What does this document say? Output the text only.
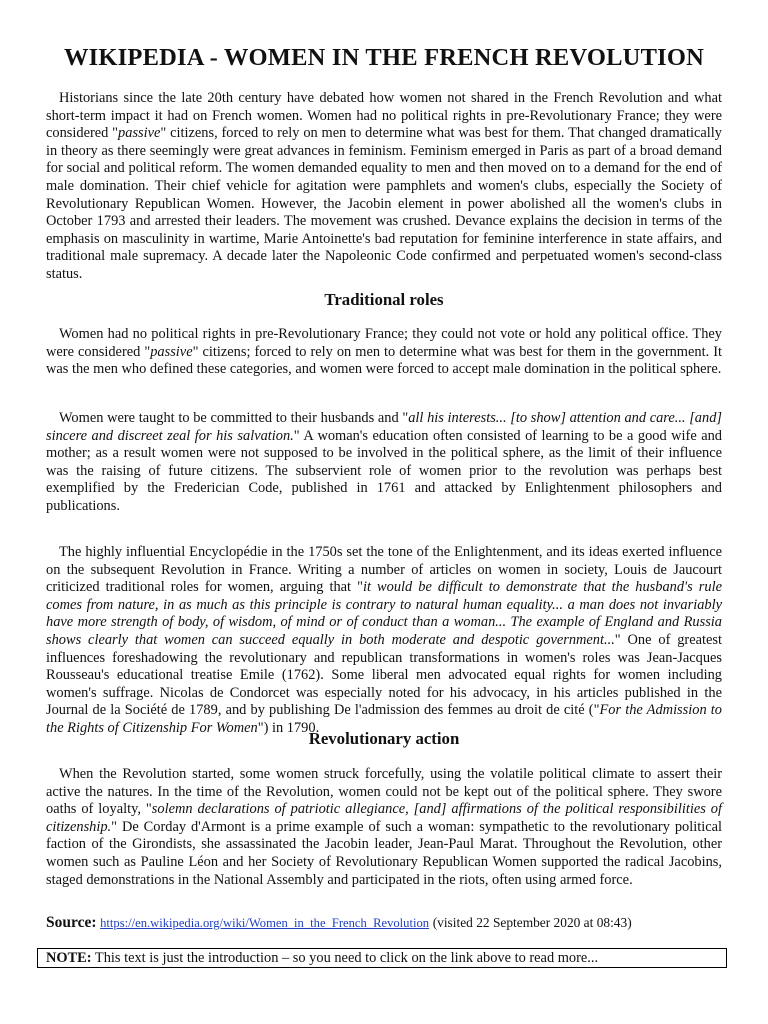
WIKIPEDIA - WOMEN IN THE FRENCH REVOLUTION

Historians since the late 20th century have debated how women not shared in the French Revolution and what short-term impact it had on French women. Women had no political rights in pre-Revolutionary France; they were considered "passive" citizens, forced to rely on men to determine what was best for them. That changed dramatically in theory as there seemingly were great advances in feminism. Feminism emerged in Paris as part of a broad demand for social and political reform. The women demanded equality to men and then moved on to a demand for the end of male domination. Their chief vehicle for agitation were pamphlets and women's clubs, especially the Society of Revolutionary Republican Women. However, the Jacobin element in power abolished all the women's clubs in October 1793 and arrested their leaders. The movement was crushed. Devance explains the decision in terms of the emphasis on masculinity in wartime, Marie Antoinette's bad reputation for feminine interference in state affairs, and traditional male supremacy. A decade later the Napoleonic Code confirmed and perpetuated women's second-class status.

Traditional roles

Women had no political rights in pre-Revolutionary France; they could not vote or hold any political office. They were considered "passive" citizens; forced to rely on men to determine what was best for them in the government. It was the men who defined these categories, and women were forced to accept male domination in the political sphere.

Women were taught to be committed to their husbands and "all his interests... [to show] attention and care... [and] sincere and discreet zeal for his salvation." A woman's education often consisted of learning to be a good wife and mother; as a result women were not supposed to be involved in the political sphere, as the limit of their influence was the raising of future citizens. The subservient role of women prior to the revolution was perhaps best exemplified by the Frederician Code, published in 1761 and attacked by Enlightenment philosophers and publications.

The highly influential Encyclopédie in the 1750s set the tone of the Enlightenment, and its ideas exerted influence on the subsequent Revolution in France. Writing a number of articles on women in society, Louis de Jaucourt criticized traditional roles for women, arguing that "it would be difficult to demonstrate that the husband's rule comes from nature, in as much as this principle is contrary to natural human equality... a man does not invariably have more strength of body, of wisdom, of mind or of conduct than a woman... The example of England and Russia shows clearly that women can succeed equally in both moderate and despotic government..." One of greatest influences foreshadowing the revolutionary and republican transformations in women's roles was Jean-Jacques Rousseau's educational treatise Emile (1762). Some liberal men advocated equal rights for women including women's suffrage. Nicolas de Condorcet was especially noted for his advocacy, in his articles published in the Journal de la Société de 1789, and by publishing De l'admission des femmes au droit de cité ("For the Admission to the Rights of Citizenship For Women") in 1790.

Revolutionary action

When the Revolution started, some women struck forcefully, using the volatile political climate to assert their active the natures. In the time of the Revolution, women could not be kept out of the political sphere. They swore oaths of loyalty, "solemn declarations of patriotic allegiance, [and] affirmations of the political responsibilities of citizenship." De Corday d'Armont is a prime example of such a woman: sympathetic to the revolutionary political faction of the Girondists, she assassinated the Jacobin leader, Jean-Paul Marat. Throughout the Revolution, other women such as Pauline Léon and her Society of Revolutionary Republican Women supported the radical Jacobins, staged demonstrations in the National Assembly and participated in the riots, often using armed force.

Source: https://en.wikipedia.org/wiki/Women_in_the_French_Revolution (visited 22 September 2020 at 08:43)
NOTE: This text is just the introduction – so you need to click on the link above to read more...
